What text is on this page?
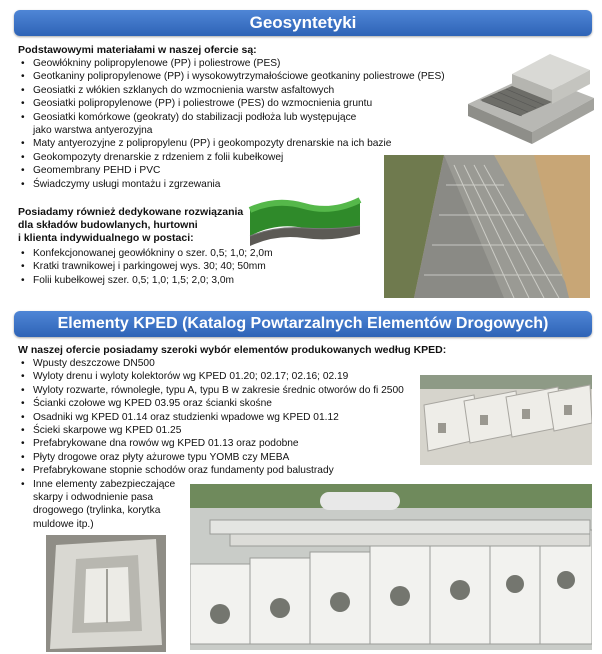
Geosyntetyki
Podstawowymi materiałami w naszej ofercie są:
• Geowłókniny polipropylenowe (PP) i poliestrowe (PES)
• Geotkaniny polipropylenowe (PP) i wysokowytrzymałościowe geotkaniny poliestrowe (PES)
• Geosiatki z włókien szklanych do wzmocnienia warstw asfaltowych
• Geosiatki polipropylenowe (PP) i poliestrowe (PES) do wzmocnienia gruntu
• Geosiatki komórkowe (geokraty) do stabilizacji podłoża lub występujące
jako warstwa antyerozyjna
• Maty antyerozyjne z polipropylenu (PP) i geokompozyty drenarskie na ich bazie
• Geokompozyty drenarskie z rdzeniem z folii kubełkowej
• Geomembrany PEHD i PVC
• Świadczymy usługi montażu i zgrzewania
Posiadamy również dedykowane rozwiązania
dla składów budowlanych, hurtowni
i klienta indywidualnego w postaci:
• Konfekcjonowanej geowłókniny o szer. 0,5; 1,0; 2,0m
• Kratki trawnikowej i parkingowej wys. 30; 40; 50mm
• Folii kubełkowej szer. 0,5; 1,0; 1,5; 2,0; 3,0m
Elementy KPED (Katalog Powtarzalnych Elementów Drogowych)
W naszej ofercie posiadamy szeroki wybór elementów produkowanych według KPED:
• Wpusty deszczowe DN500
• Wyloty drenu i wyloty kolektorów wg KPED 01.20; 02.17; 02.16; 02.19
• Wyloty rozwarte, równoległe, typu A, typu B w zakresie średnic otworów do fi 2500
• Ścianki czołowe wg KPED 03.95 oraz ścianki skośne
• Osadniki wg KPED 01.14 oraz studzienki wpadowe wg KPED 01.12
• Ścieki skarpowe wg KPED 01.25
• Prefabrykowane dna rowów wg KPED 01.13 oraz podobne
• Płyty drogowe oraz płyty ażurowe typu YOMB czy MEBA
• Prefabrykowane stopnie schodów oraz fundamenty pod balustrady
• Inne elementy zabezpieczające
skarpy i odwodnienie pasa
drogowego (trylinka, korytka
muldowe itp.)
